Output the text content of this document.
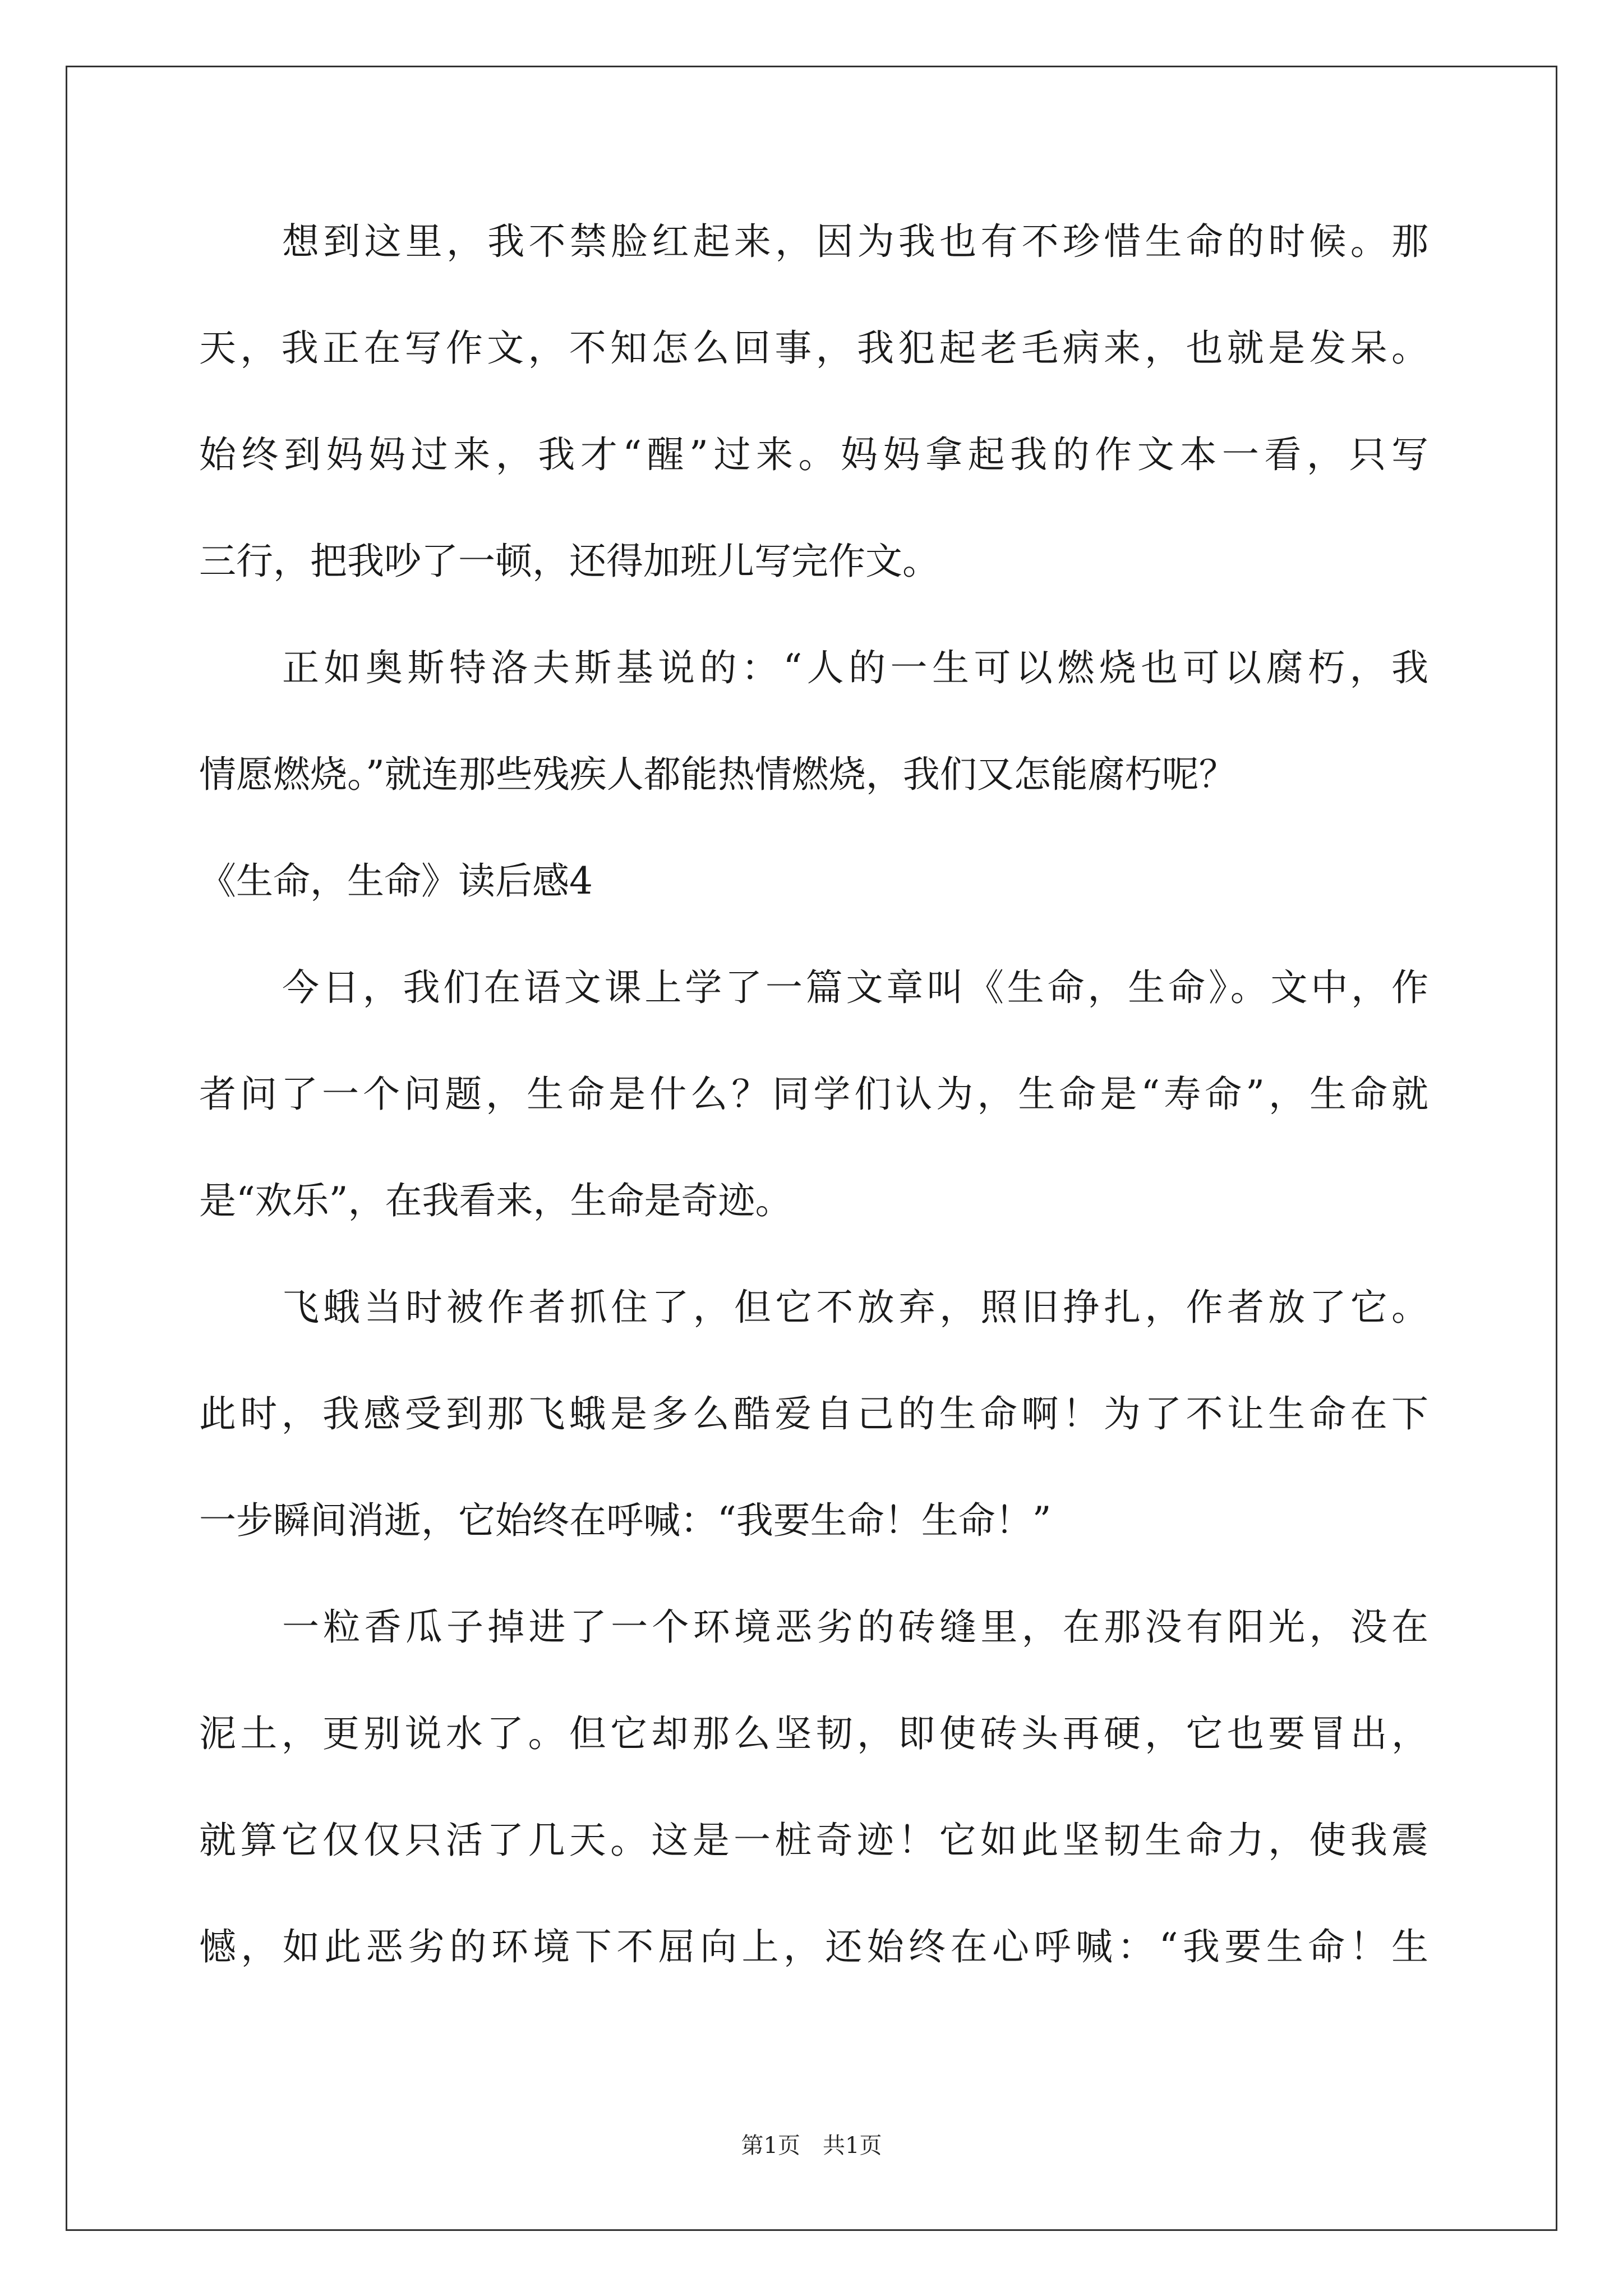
想到这里，我不禁脸红起来，因为我也有不珍惜生命的时候。那
天，我正在写作文，不知怎么回事，我犯起老毛病来，也就是发呆。
始终到妈妈过来，我才“醒”过来。妈妈拿起我的作文本一看，只写
三行，把我吵了一顿，还得加班儿写完作文。
正如奥斯特洛夫斯基说的：“人的一生可以燃烧也可以腐朽，我
情愿燃烧。”就连那些残疾人都能热情燃烧，我们又怎能腐朽呢？
《生命，生命》读后感4
今日，我们在语文课上学了一篇文章叫《生命，生命》。文中，作
者问了一个问题，生命是什么？同学们认为，生命是“寿命”，生命就
是“欢乐”，在我看来，生命是奇迹。
飞蛾当时被作者抓住了，但它不放弃，照旧挣扎，作者放了它。
此时，我感受到那飞蛾是多么酷爱自己的生命啊！为了不让生命在下
一步瞬间消逝，它始终在呼喊：“我要生命！生命！”
一粒香瓜子掉进了一个环境恶劣的砖缝里，在那没有阳光，没在
泥土，更别说水了。但它却那么坚韧，即使砖头再硬，它也要冒出，
就算它仅仅只活了几天。这是一桩奇迹！它如此坚韧生命力，使我震
憾，如此恶劣的环境下不屈向上，还始终在心呼喊：“我要生命！生
第1页 共1页
